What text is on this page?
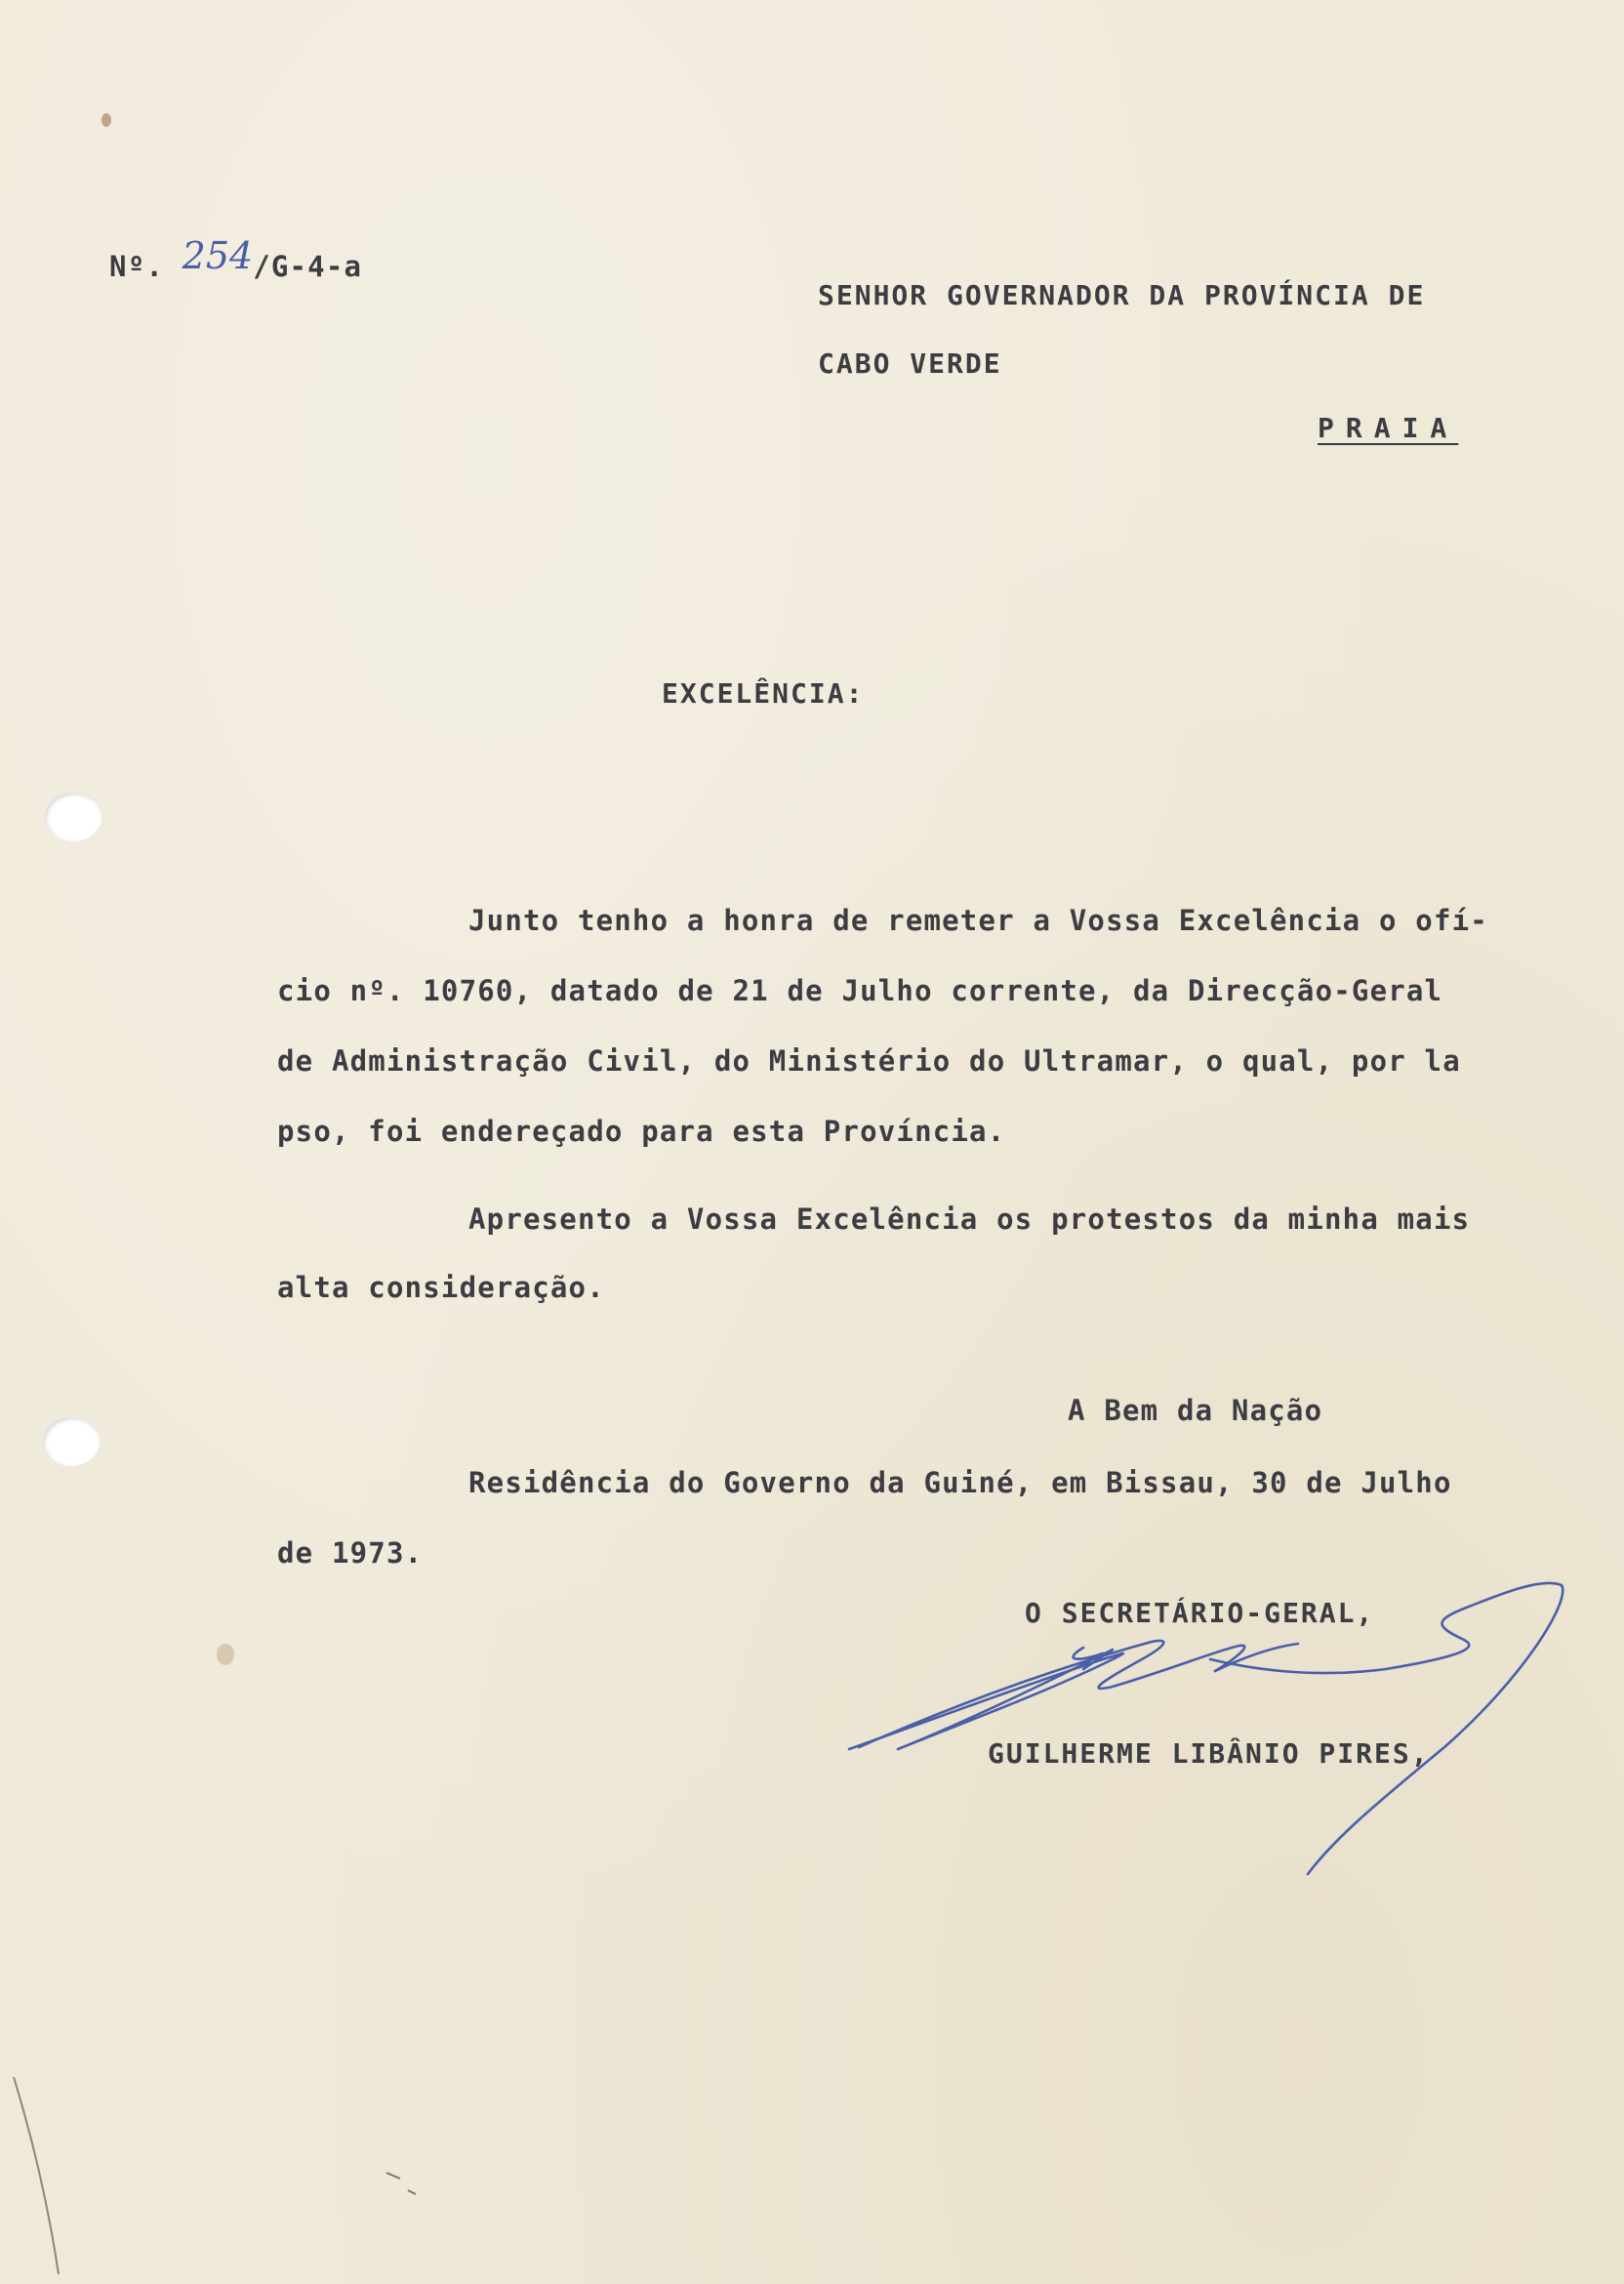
Nº. 254/G-4-a
SENHOR GOVERNADOR DA PROVÍNCIA DE
CABO VERDE
PRAIA
EXCELÊNCIA:
Junto tenho a honra de remeter a Vossa Excelência o ofí-
cio nº. 10760, datado de 21 de Julho corrente, da Direcção-Geral
de Administração Civil, do Ministério do Ultramar, o qual, por la
pso, foi endereçado para esta Província.
Apresento a Vossa Excelência os protestos da minha mais
alta consideração.
A Bem da Nação
Residência do Governo da Guiné, em Bissau, 30 de Julho
de 1973.
O SECRETÁRIO-GERAL,
GUILHERME LIBÂNIO PIRES,
